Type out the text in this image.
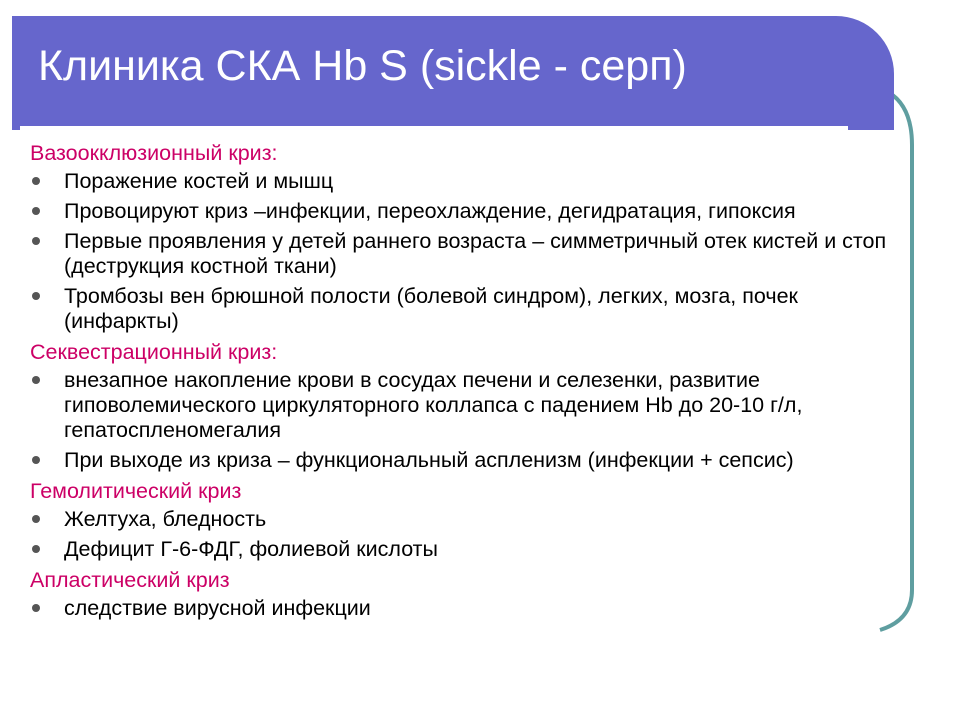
Клиника СКА Hb S (sickle - серп)

Вазоокклюзионный криз:

Поражение костей и мышц
Провоцируют криз –инфекции, переохлаждение, дегидратация, гипоксия
Первые проявления у детей раннего возраста – симметричный отек кистей и стоп (деструкция костной ткани)
Тромбозы вен брюшной полости (болевой синдром), легких, мозга, почек (инфаркты)

Секвестрационный криз:

внезапное накопление крови в сосудах печени и селезенки, развитие гиповолемического циркуляторного коллапса с падением Hb до 20-10 г/л, гепатоспленомегалия
При выходе из криза – функциональный аспленизм (инфекции + сепсис)

Гемолитический криз

Желтуха, бледность
Дефицит Г-6-ФДГ, фолиевой кислоты

Апластический криз

следствие вирусной инфекции
